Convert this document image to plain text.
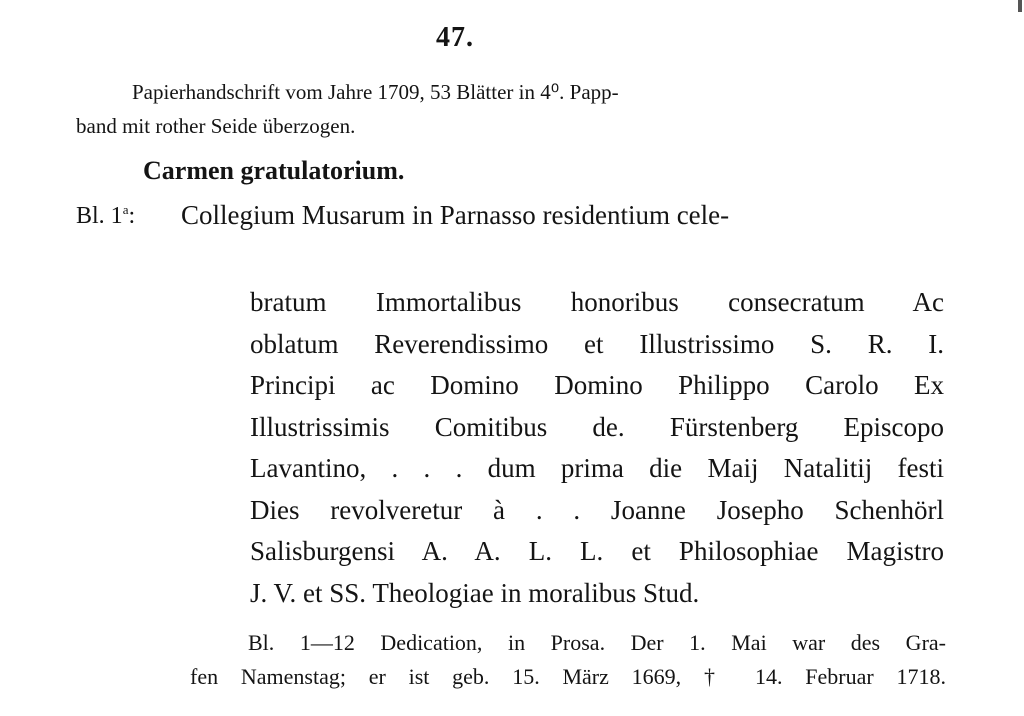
47.
Papierhandschrift vom Jahre 1709, 53 Blätter in 4⁰. Papp-
band mit rother Seide überzogen.
Carmen gratulatorium.
Bl. 1$^a$: Collegium Musarum in Parnasso residentium cele-
bratum Immortalibus honoribus consecratum Ac
oblatum Reverendissimo et Illustrissimo S. R. I.
Principi ac Domino Domino Philippo Carolo Ex
Illustrissimis Comitibus de. Fürstenberg Episcopo
Lavantino, . . . dum prima die Maij Natalitij festi
Dies revolveretur à . . Joanne Josepho Schenhörl
Salisburgensi A. A. L. L. et Philosophiae Magistro
J. V. et SS. Theologiae in moralibus Stud.
Bl. 1—12 Dedication, in Prosa. Der 1. Mai war des Gra-
fen Namenstag; er ist geb. 15. März 1669, † 14. Februar 1718.
